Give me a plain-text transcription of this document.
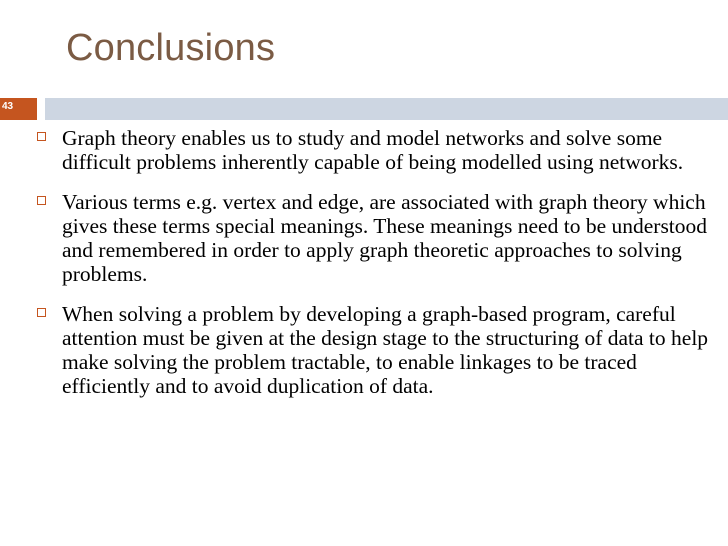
Conclusions
43
Graph theory enables us to study and model networks and solve some difficult problems inherently capable of being modelled using networks.
Various terms e.g. vertex and edge, are associated with graph theory which gives these terms special meanings. These meanings need to be understood and remembered in order to apply graph theoretic approaches to solving problems.
When solving a problem by developing a graph-based program, careful attention must be given at the design stage to the structuring of data to help make solving the problem tractable, to enable linkages to be traced efficiently and to avoid duplication of data.
